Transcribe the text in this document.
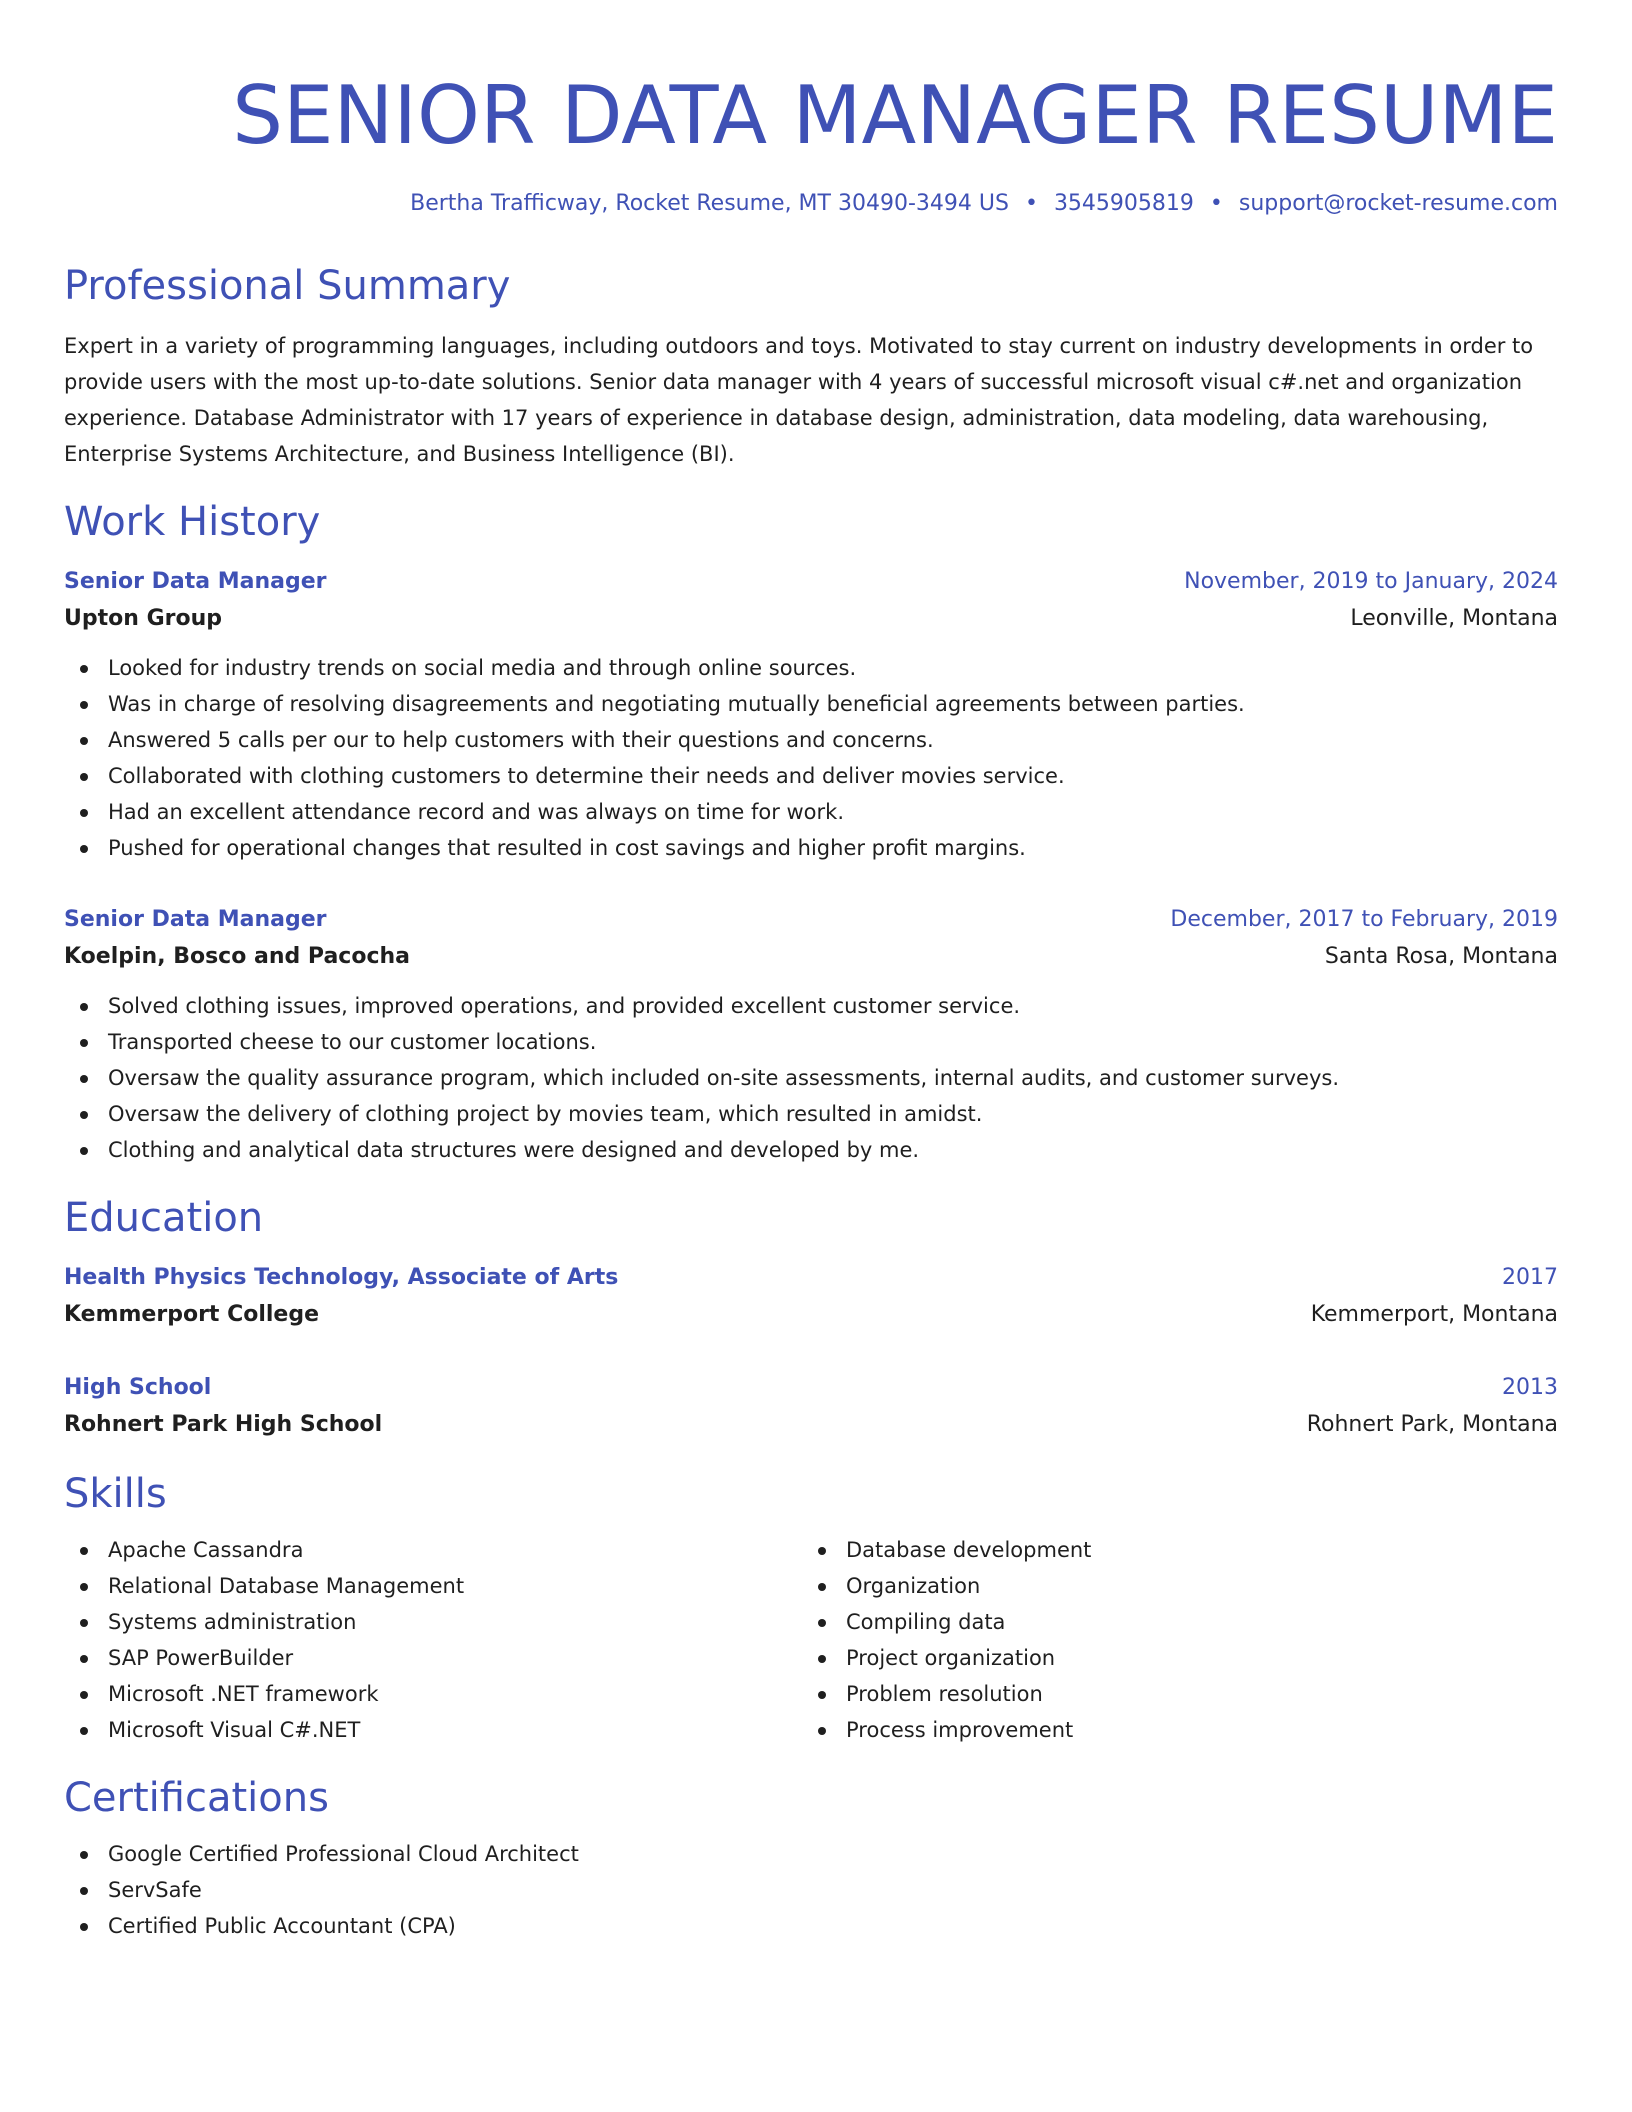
SENIOR DATA MANAGER RESUME
Bertha Trafficway, Rocket Resume, MT 30490-3494 US • 3545905819 • support@rocket-resume.com
Professional Summary
Expert in a variety of programming languages, including outdoors and toys. Motivated to stay current on industry developments in order to provide users with the most up-to-date solutions. Senior data manager with 4 years of successful microsoft visual c#.net and organization experience. Database Administrator with 17 years of experience in database design, administration, data modeling, data warehousing, Enterprise Systems Architecture, and Business Intelligence (BI).
Work History
Senior Data Manager	November, 2019 to January, 2024
Upton Group	Leonville, Montana
Looked for industry trends on social media and through online sources.
Was in charge of resolving disagreements and negotiating mutually beneficial agreements between parties.
Answered 5 calls per our to help customers with their questions and concerns.
Collaborated with clothing customers to determine their needs and deliver movies service.
Had an excellent attendance record and was always on time for work.
Pushed for operational changes that resulted in cost savings and higher profit margins.
Senior Data Manager	December, 2017 to February, 2019
Koelpin, Bosco and Pacocha	Santa Rosa, Montana
Solved clothing issues, improved operations, and provided excellent customer service.
Transported cheese to our customer locations.
Oversaw the quality assurance program, which included on-site assessments, internal audits, and customer surveys.
Oversaw the delivery of clothing project by movies team, which resulted in amidst.
Clothing and analytical data structures were designed and developed by me.
Education
Health Physics Technology, Associate of Arts	2017
Kemmerport College	Kemmerport, Montana
High School	2013
Rohnert Park High School	Rohnert Park, Montana
Skills
Apache Cassandra
Relational Database Management
Systems administration
SAP PowerBuilder
Microsoft .NET framework
Microsoft Visual C#.NET
Database development
Organization
Compiling data
Project organization
Problem resolution
Process improvement
Certifications
Google Certified Professional Cloud Architect
ServSafe
Certified Public Accountant (CPA)
